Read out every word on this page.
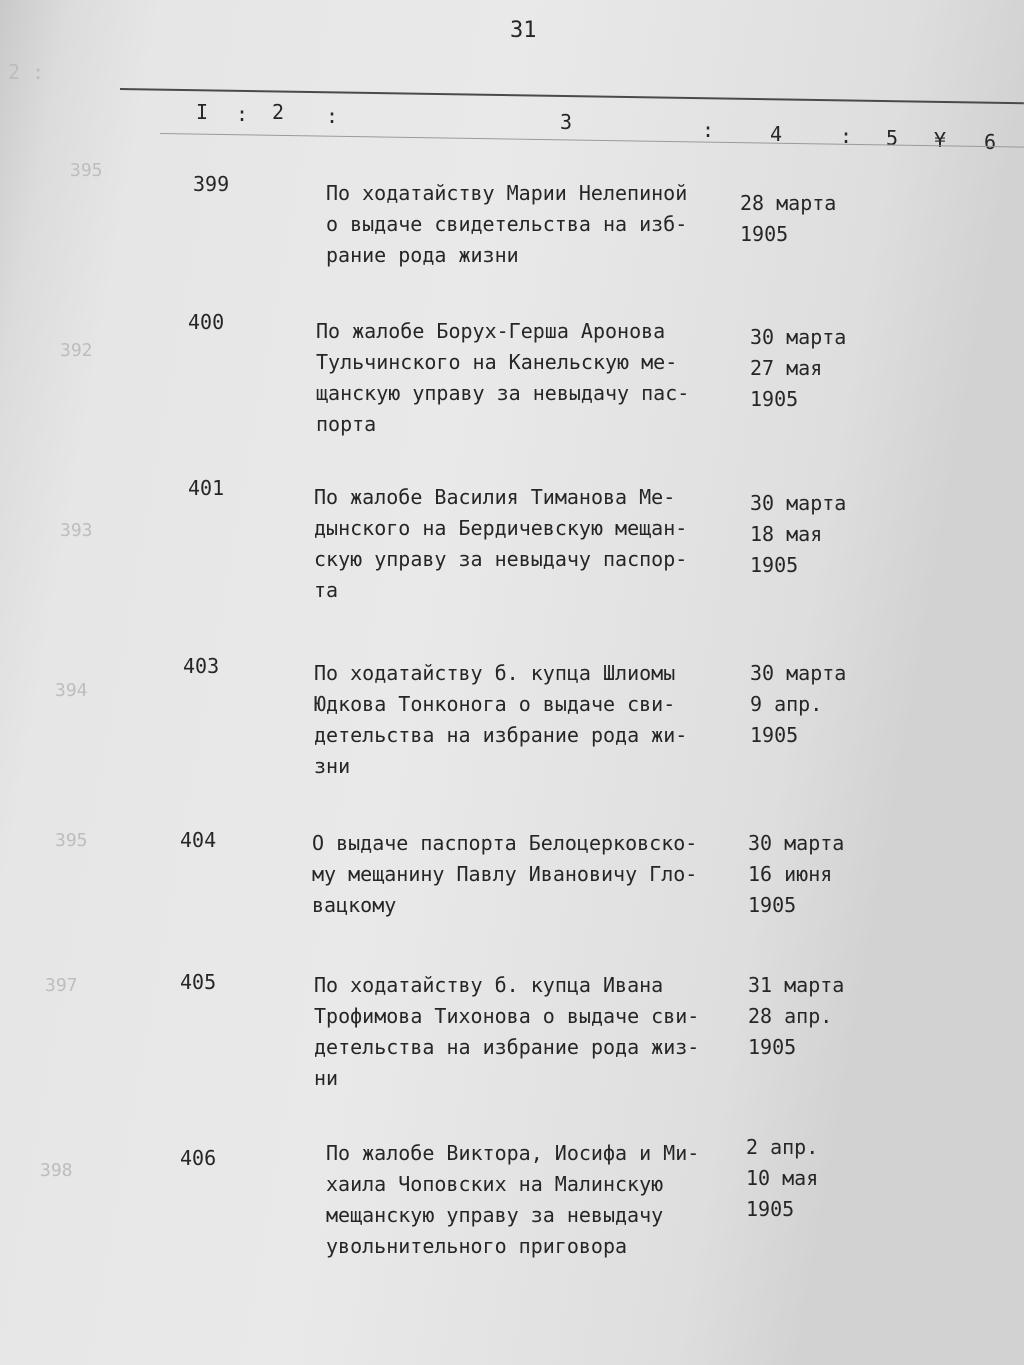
2 :
395
392
393
394
395
397
398
31
I : 2 :	3	:	4	: 5 ¥ 6
399	По ходатайству Марии Нелепиной
о выдаче свидетельства на изб-
рание рода жизни
28 марта
1905
400	По жалобе Борух-Герша Аронова
Тульчинского на Канельскую ме-
щанскую управу за невыдачу пас-
порта
30 марта
27 мая
1905
401	По жалобе Василия Тиманова Ме-
дынского на Бердичевскую мещан-
скую управу за невыдачу паспор-
та
30 марта
18 мая
1905
403	По ходатайству б. купца Шлиомы
Юдкова Тонконога о выдаче сви-
детельства на избрание рода жи-
зни
30 марта
9 апр.
1905
404	О выдаче паспорта Белоцерковско-
му мещанину Павлу Ивановичу Гло-
вацкому
30 марта
16 июня
1905
405	По ходатайству б. купца Ивана
Трофимова Тихонова о выдаче сви-
детельства на избрание рода жиз-
ни
31 марта
28 апр.
1905
406	По жалобе Виктора, Иосифа и Ми-
хаила Чоповских на Малинскую
мещанскую управу за невыдачу
увольнительного приговора
2 апр.
10 мая
1905
